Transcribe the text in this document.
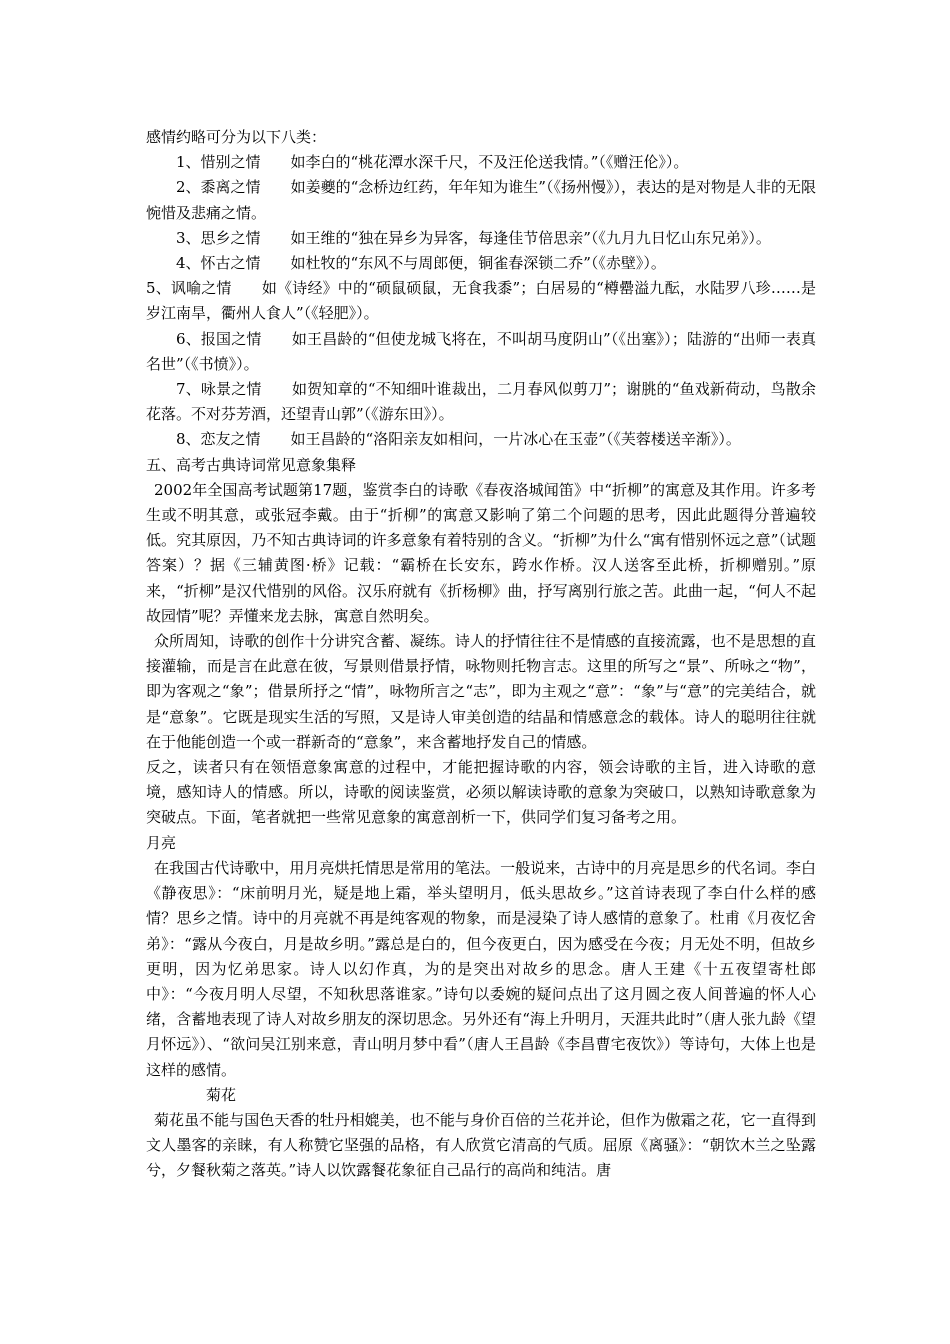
感情约略可分为以下八类：

1、惜别之情　　如李白的“桃花潭水深千尺，不及汪伦送我情。”（《赠汪伦》）。

2、黍离之情　　如姜夔的“念桥边红药，年年知为谁生”（《扬州慢》），表达的是对物是人非的无限惋惜及悲痛之情。

3、思乡之情　　如王维的“独在异乡为异客，每逢佳节倍思亲”（《九月九日忆山东兄弟》）。

4、怀古之情　　如杜牧的“东风不与周郎便，铜雀春深锁二乔”（《赤壁》）。

5、讽喻之情　　如《诗经》中的“硕鼠硕鼠，无食我黍”；白居易的“樽罍溢九酝，水陆罗八珍……是岁江南旱，衢州人食人”（《轻肥》）。

6、报国之情　　如王昌龄的“但使龙城飞将在，不叫胡马度阴山”（《出塞》）；陆游的“出师一表真名世”（《书愤》）。

7、咏景之情　　如贺知章的“不知细叶谁裁出，二月春风似剪刀”；谢朓的“鱼戏新荷动，鸟散余花落。不对芬芳酒，还望青山郭”（《游东田》）。

8、恋友之情　　如王昌龄的“洛阳亲友如相问，一片冰心在玉壶”（《芙蓉楼送辛渐》）。

五、高考古典诗词常见意象集释

2002年全国高考试题第17题，鉴赏李白的诗歌《春夜洛城闻笛》中“折柳”的寓意及其作用。许多考生或不明其意，或张冠李戴。由于“折柳”的寓意又影响了第二个问题的思考，因此此题得分普遍较低。究其原因，乃不知古典诗词的许多意象有着特别的含义。“折柳”为什么“寓有惜别怀远之意”（试题答案）？据《三辅黄图·桥》记载：“霸桥在长安东，跨水作桥。汉人送客至此桥，折柳赠别。”原来，“折柳”是汉代惜别的风俗。汉乐府就有《折杨柳》曲，抒写离别行旅之苦。此曲一起，“何人不起故园情”呢？弄懂来龙去脉，寓意自然明矣。

众所周知，诗歌的创作十分讲究含蓄、凝练。诗人的抒情往往不是情感的直接流露，也不是思想的直接灌输，而是言在此意在彼，写景则借景抒情，咏物则托物言志。这里的所写之“景”、所咏之“物”，即为客观之“象”；借景所抒之“情”，咏物所言之“志”，即为主观之“意”：“象”与“意”的完美结合，就是“意象”。它既是现实生活的写照，又是诗人审美创造的结晶和情感意念的载体。诗人的聪明往往就在于他能创造一个或一群新奇的“意象”，来含蓄地抒发自己的情感。

反之，读者只有在领悟意象寓意的过程中，才能把握诗歌的内容，领会诗歌的主旨，进入诗歌的意境，感知诗人的情感。所以，诗歌的阅读鉴赏，必须以解读诗歌的意象为突破口，以熟知诗歌意象为突破点。下面，笔者就把一些常见意象的寓意剖析一下，供同学们复习备考之用。

月亮

在我国古代诗歌中，用月亮烘托情思是常用的笔法。一般说来，古诗中的月亮是思乡的代名词。李白《静夜思》：“床前明月光，疑是地上霜，举头望明月，低头思故乡。”这首诗表现了李白什么样的感情？思乡之情。诗中的月亮就不再是纯客观的物象，而是浸染了诗人感情的意象了。杜甫《月夜忆舍弟》：“露从今夜白，月是故乡明。”露总是白的，但今夜更白，因为感受在今夜；月无处不明，但故乡更明，因为忆弟思家。诗人以幻作真，为的是突出对故乡的思念。唐人王建《十五夜望寄杜郎中》：“今夜月明人尽望，不知秋思落谁家。”诗句以委婉的疑问点出了这月圆之夜人间普遍的怀人心绪，含蓄地表现了诗人对故乡朋友的深切思念。另外还有“海上升明月，天涯共此时”（唐人张九龄《望月怀远》）、“欲问吴江别来意，青山明月梦中看”（唐人王昌龄《李昌曹宅夜饮》）等诗句，大体上也是这样的感情。

菊花

菊花虽不能与国色天香的牡丹相媲美，也不能与身价百倍的兰花并论，但作为傲霜之花，它一直得到文人墨客的亲睐，有人称赞它坚强的品格，有人欣赏它清高的气质。屈原《离骚》：“朝饮木兰之坠露兮，夕餐秋菊之落英。”诗人以饮露餐花象征自己品行的高尚和纯洁。唐
